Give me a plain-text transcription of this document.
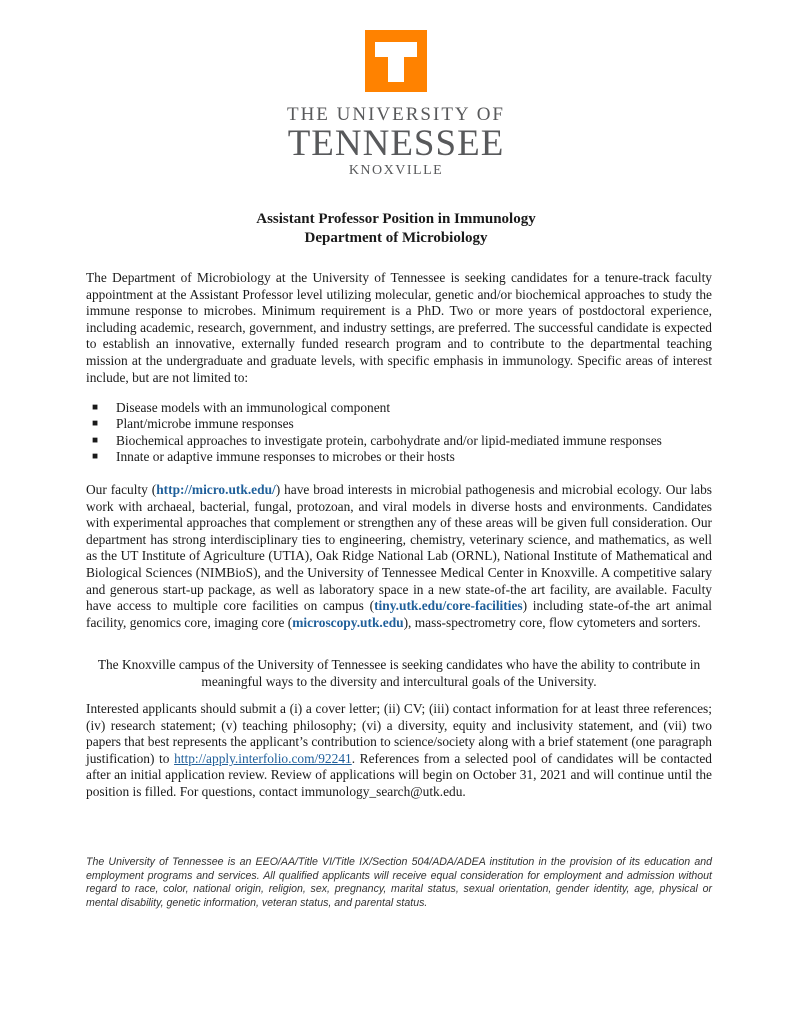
THE UNIVERSITY OF
TENNESSEE
KNOXVILLE
Assistant Professor Position in Immunology
Department of Microbiology
The Department of Microbiology at the University of Tennessee is seeking candidates for a tenure-track faculty appointment at the Assistant Professor level utilizing molecular, genetic and/or biochemical approaches to study the immune response to microbes. Minimum requirement is a PhD. Two or more years of postdoctoral experience, including academic, research, government, and industry settings, are preferred. The successful candidate is expected to establish an innovative, externally funded research program and to contribute to the departmental teaching mission at the undergraduate and graduate levels, with specific emphasis in immunology. Specific areas of interest include, but are not limited to:
■ Disease models with an immunological component
■ Plant/microbe immune responses
■ Biochemical approaches to investigate protein, carbohydrate and/or lipid-mediated immune responses
■ Innate or adaptive immune responses to microbes or their hosts
Our faculty (http://micro.utk.edu/) have broad interests in microbial pathogenesis and microbial ecology. Our labs work with archaeal, bacterial, fungal, protozoan, and viral models in diverse hosts and environments. Candidates with experimental approaches that complement or strengthen any of these areas will be given full consideration. Our department has strong interdisciplinary ties to engineering, chemistry, veterinary science, and mathematics, as well as the UT Institute of Agriculture (UTIA), Oak Ridge National Lab (ORNL), National Institute of Mathematical and Biological Sciences (NIMBioS), and the University of Tennessee Medical Center in Knoxville. A competitive salary and generous start-up package, as well as laboratory space in a new state-of-the art facility, are available. Faculty have access to multiple core facilities on campus (tiny.utk.edu/core-facilities) including state-of-the art animal facility, genomics core, imaging core (microscopy.utk.edu), mass-spectrometry core, flow cytometers and sorters.
The Knoxville campus of the University of Tennessee is seeking candidates who have the ability to contribute in meaningful ways to the diversity and intercultural goals of the University.
Interested applicants should submit a (i) a cover letter; (ii) CV; (iii) contact information for at least three references; (iv) research statement; (v) teaching philosophy; (vi) a diversity, equity and inclusivity statement, and (vii) two papers that best represents the applicant’s contribution to science/society along with a brief statement (one paragraph justification) to http://apply.interfolio.com/92241. References from a selected pool of candidates will be contacted after an initial application review. Review of applications will begin on October 31, 2021 and will continue until the position is filled. For questions, contact immunology_search@utk.edu.
The University of Tennessee is an EEO/AA/Title VI/Title IX/Section 504/ADA/ADEA institution in the provision of its education and employment programs and services. All qualified applicants will receive equal consideration for employment and admission without regard to race, color, national origin, religion, sex, pregnancy, marital status, sexual orientation, gender identity, age, physical or mental disability, genetic information, veteran status, and parental status.
